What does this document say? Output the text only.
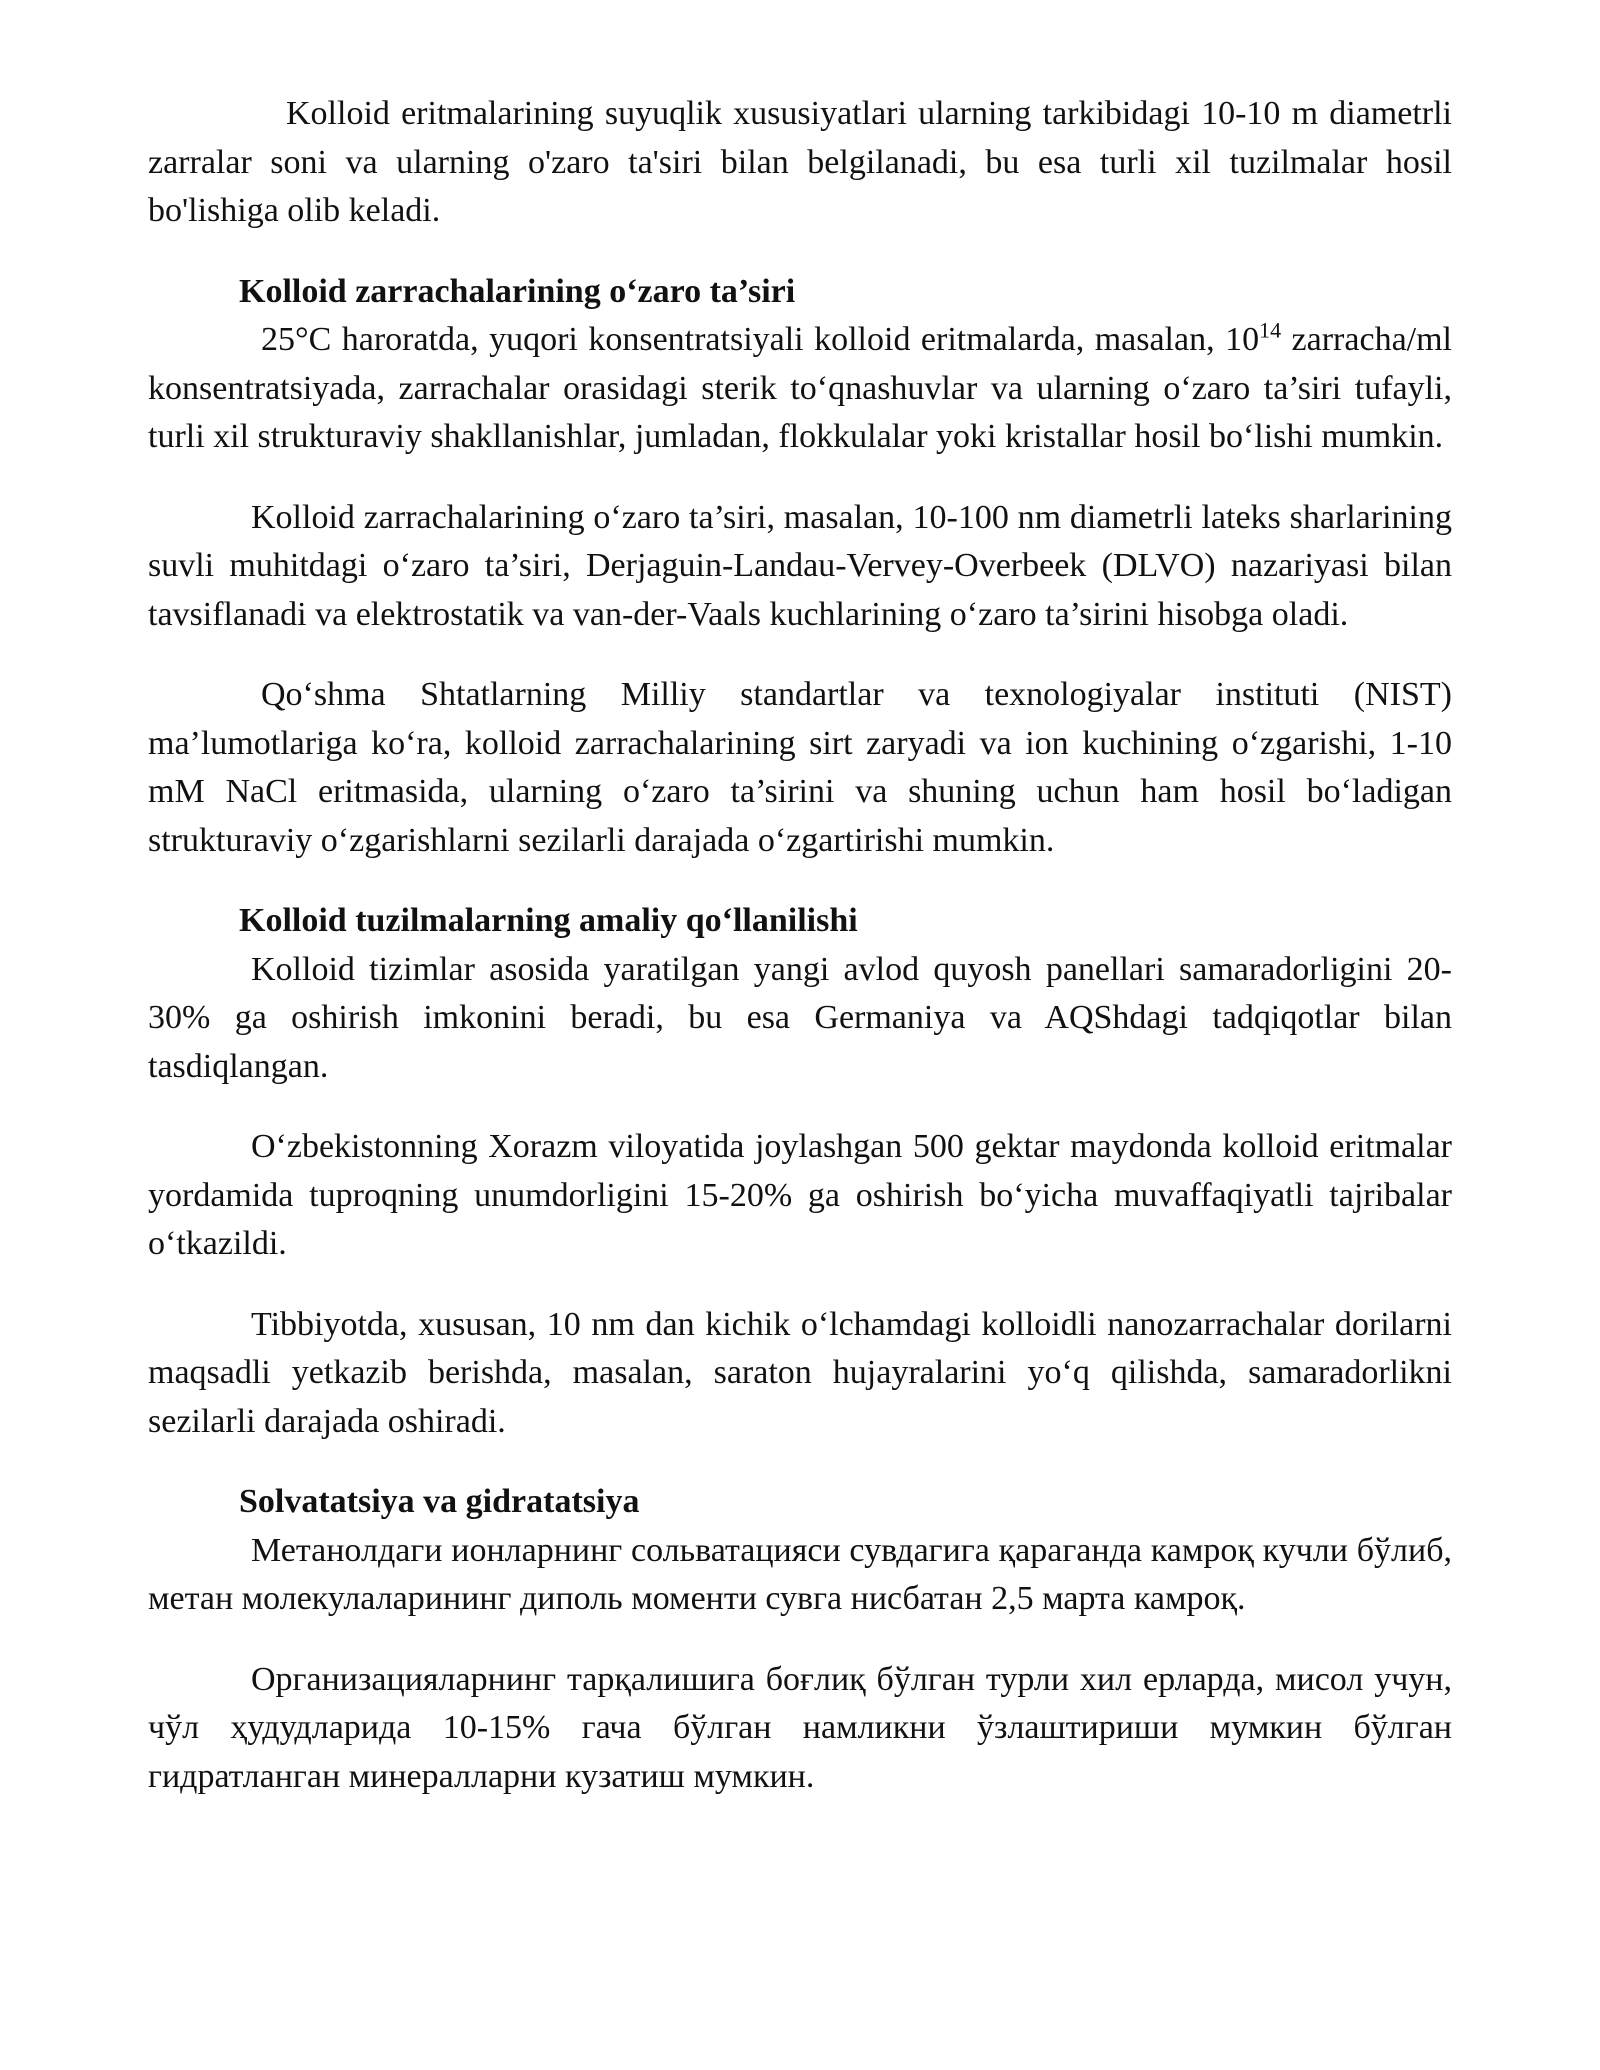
Kolloid eritmalarining suyuqlik xususiyatlari ularning tarkibidagi 10-10 m diametrli zarralar soni va ularning o'zaro ta'siri bilan belgilanadi, bu esa turli xil tuzilmalar hosil bo'lishiga olib keladi.

Kolloid zarrachalarining o‘zaro ta’siri

25°C haroratda, yuqori konsentratsiyali kolloid eritmalarda, masalan, $10^{14}$ zarracha/ml konsentratsiyada, zarrachalar orasidagi sterik to‘qnashuvlar va ularning o‘zaro ta’siri tufayli, turli xil strukturaviy shakllanishlar, jumladan, flokkulalar yoki kristallar hosil bo‘lishi mumkin.

Kolloid zarrachalarining o‘zaro ta’siri, masalan, 10-100 nm diametrli lateks sharlarining suvli muhitdagi o‘zaro ta’siri, Derjaguin-Landau-Vervey-Overbeek (DLVO) nazariyasi bilan tavsiflanadi va elektrostatik va van-der-Vaals kuchlarining o‘zaro ta’sirini hisobga oladi.

Qo‘shma Shtatlarning Milliy standartlar va texnologiyalar instituti (NIST) ma’lumotlariga ko‘ra, kolloid zarrachalarining sirt zaryadi va ion kuchining o‘zgarishi, 1-10 mM NaCl eritmasida, ularning o‘zaro ta’sirini va shuning uchun ham hosil bo‘ladigan strukturaviy o‘zgarishlarni sezilarli darajada o‘zgartirishi mumkin.

Kolloid tuzilmalarning amaliy qo‘llanilishi

Kolloid tizimlar asosida yaratilgan yangi avlod quyosh panellari samaradorligini 20-30% ga oshirish imkonini beradi, bu esa Germaniya va AQShdagi tadqiqotlar bilan tasdiqlangan.

O‘zbekistonning Xorazm viloyatida joylashgan 500 gektar maydonda kolloid eritmalar yordamida tuproqning unumdorligini 15-20% ga oshirish bo‘yicha muvaffaqiyatli tajribalar o‘tkazildi.

Tibbiyotda, xususan, 10 nm dan kichik o‘lchamdagi kolloidli nanozarrachalar dorilarni maqsadli yetkazib berishda, masalan, saraton hujayralarini yo‘q qilishda, samaradorlikni sezilarli darajada oshiradi.

Solvatatsiya va gidratatsiya

Метанолдаги ионларнинг сольватацияси сувдагига қараганда камроқ кучли бўлиб, метан молекулаларининг диполь моменти сувга нисбатан 2,5 марта камроқ.

Организацияларнинг тарқалишига боғлиқ бўлган турли хил ерларда, мисол учун, чўл ҳудудларида 10-15% гача бўлган намликни ўзлаштириши мумкин бўлган гидратланган минералларни кузатиш мумкин.
